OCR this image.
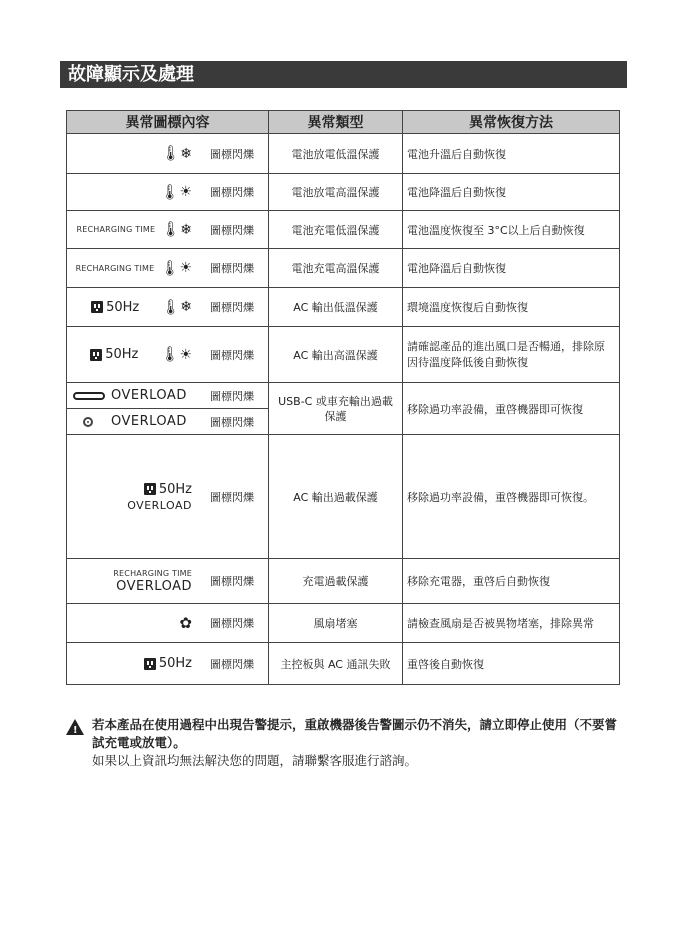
故障顯示及處理
異常圖標內容	異常類型	異常恢復方法

🌡 ❄ 圖標閃爍	電池放電低溫保護	電池升溫后自動恢復

🌡 ☀ 圖標閃爍	電池放電高溫保護	電池降溫后自動恢復

RECHARGING TIME 🌡 ❄ 圖標閃爍	電池充電低溫保護	電池溫度恢復至 3°C以上后自動恢復

RECHARGING TIME 🌡 ☀ 圖標閃爍	電池充電高溫保護	電池降溫后自動恢復

50Hz 🌡 ❄ 圖標閃爍	AC 輸出低溫保護	環境溫度恢復后自動恢復

50Hz 🌡 ☀ 圖標閃爍	AC 輸出高溫保護	請確認產品的進出風口是否暢通，排除原因待溫度降低後自動恢復

OVERLOAD 圖標閃爍	USB-C 或車充輸出過載保護	移除過功率設備，重啓機器即可恢復

OVERLOAD 圖標閃爍		

50Hz
OVERLOAD
圖標閃爍	AC 輸出過載保護	移除過功率設備，重啓機器即可恢復。

RECHARGING TIME
OVERLOAD 圖標閃爍	充電過載保護	移除充電器，重啓后自動恢復

✿ 圖標閃爍	風扇堵塞	請檢查風扇是否被異物堵塞，排除異常

50Hz 圖標閃爍	主控板與 AC 通訊失敗	重啓後自動恢復
!	若本產品在使用過程中出現告警提示，重啟機器後告警圖示仍不消失，請立即停止使用（不要嘗試充電或放電）。
如果以上資訊均無法解決您的問題，請聯繫客服進行諮詢。
